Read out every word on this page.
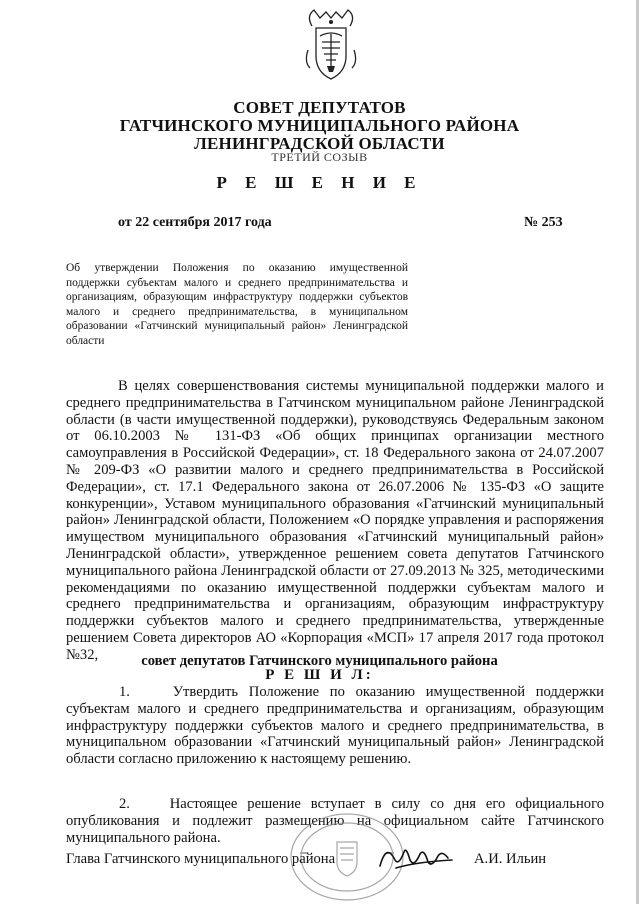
СОВЕТ ДЕПУТАТОВ
ГАТЧИНСКОГО МУНИЦИПАЛЬНОГО РАЙОНА
ЛЕНИНГРАДСКОЙ ОБЛАСТИ
ТРЕТИЙ СОЗЫВ
Р Е Ш Е Н И Е
от 22 сентября 2017 года	№ 253
Об утверждении Положения по оказанию имущественной поддержки субъектам малого и среднего предпринимательства и организациям, образующим инфраструктуру поддержки субъектов малого и среднего предпринимательства, в муниципальном образовании «Гатчинский муниципальный район» Ленинградской области
В целях совершенствования системы муниципальной поддержки малого и среднего предпринимательства в Гатчинском муниципальном районе Ленинградской области (в части имущественной поддержки), руководствуясь Федеральным законом от 06.10.2003 № 131-ФЗ «Об общих принципах организации местного самоуправления в Российской Федерации», ст. 18 Федерального закона от 24.07.2007 № 209-ФЗ «О развитии малого и среднего предпринимательства в Российской Федерации», ст. 17.1 Федерального закона от 26.07.2006 № 135-ФЗ «О защите конкуренции», Уставом муниципального образования «Гатчинский муниципальный район» Ленинградской области, Положением «О порядке управления и распоряжения имуществом муниципального образования «Гатчинский муниципальный район» Ленинградской области», утвержденное решением совета депутатов Гатчинского муниципального района Ленинградской области от 27.09.2013 № 325, методическими рекомендациями по оказанию имущественной поддержки субъектам малого и среднего предпринимательства и организациям, образующим инфраструктуру поддержки субъектов малого и среднего предпринимательства, утвержденные решением Совета директоров АО «Корпорация «МСП» 17 апреля 2017 года протокол №32,	совет депутатов Гатчинского муниципального района
Р Е Ш И Л:
1.    Утвердить Положение по оказанию имущественной поддержки субъектам малого и среднего предпринимательства и организациям, образующим инфраструктуру поддержки субъектов малого и среднего предпринимательства, в муниципальном образовании «Гатчинский муниципальный район» Ленинградской области согласно приложению к настоящему решению.
2.    Настоящее решение вступает в силу со дня его официального опубликования и подлежит размещению на официальном сайте Гатчинского муниципального района.
Глава Гатчинского муниципального района	А.И. Ильин
